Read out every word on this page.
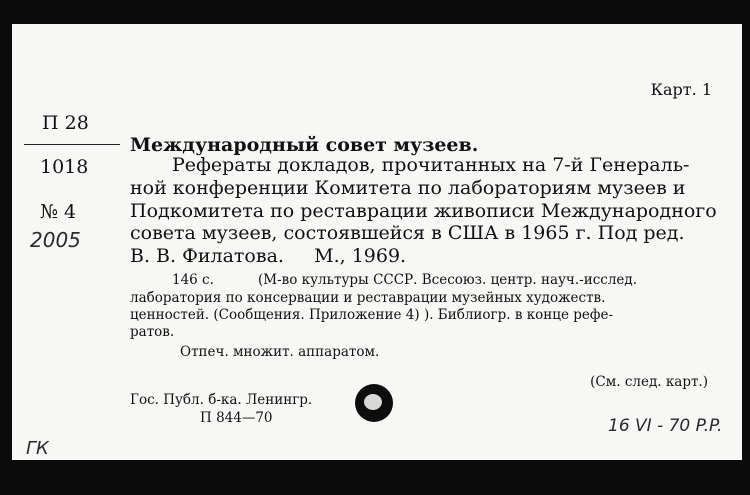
Карт. 1
П 28
1018
№ 4
2005
Международный совет музеев.
Рефераты докладов, прочитанных на 7-й Генераль-
ной конференции Комитета по лабораториям музеев и
Подкомитета по реставрации живописи Международного
совета музеев, состоявшейся в США в 1965 г. Под ред.
В. В. Филатова.     М., 1969.
146 с.	(М-во культуры СССР. Всесоюз. центр. науч.-исслед.
лаборатория по консервации и реставрации музейных художеств.
ценностей. (Сообщения. Приложение 4) ). Библиогр. в конце рефе-
ратов.
Отпеч. множит. аппаратом.
(См. след. карт.)
Гос. Публ. б-ка. Ленингр.
П 844—70	16 VI - 70 P.P.
ГК
